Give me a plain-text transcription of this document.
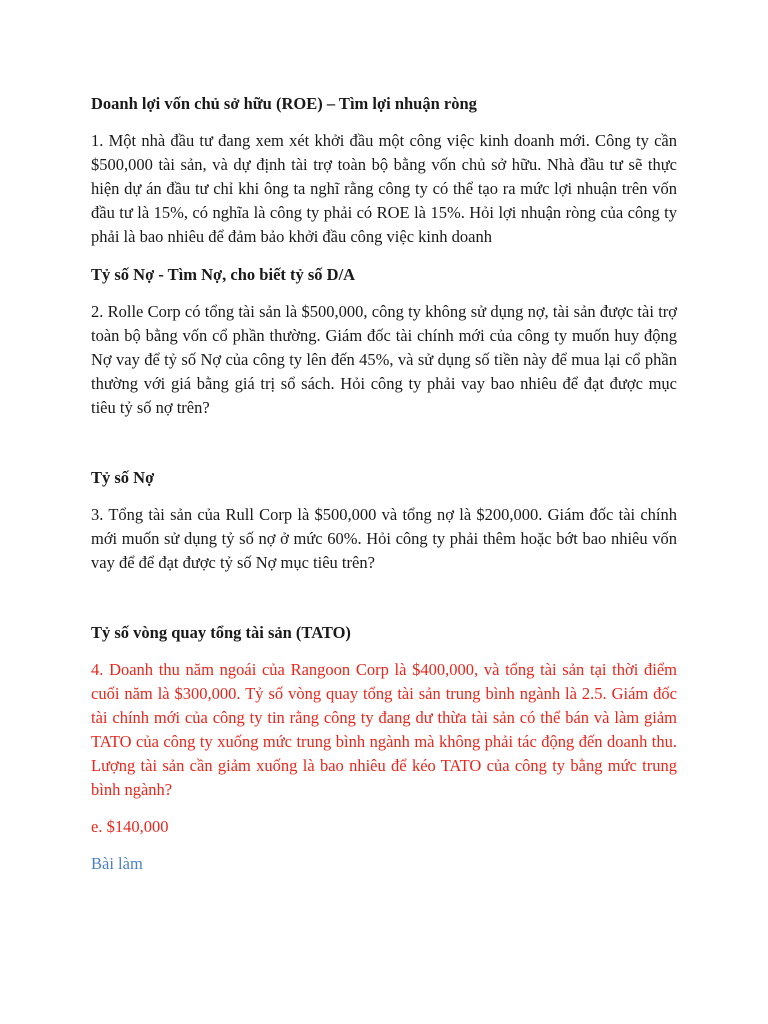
Doanh lợi vốn chủ sở hữu (ROE) – Tìm lợi nhuận ròng

1. Một nhà đầu tư đang xem xét khởi đầu một công việc kinh doanh mới. Công ty cần $500,000 tài sản, và dự định tài trợ toàn bộ bằng vốn chủ sở hữu. Nhà đầu tư sẽ thực hiện dự án đầu tư chỉ khi ông ta nghĩ rằng công ty có thể tạo ra mức lợi nhuận trên vốn đầu tư là 15%, có nghĩa là công ty phải có ROE là 15%. Hỏi lợi nhuận ròng của công ty phải là bao nhiêu để đảm bảo khởi đầu công việc kinh doanh

Tỷ số Nợ - Tìm Nợ, cho biết tỷ số D/A

2. Rolle Corp có tổng tài sản là $500,000, công ty không sử dụng nợ, tài sản được tài trợ toàn bộ bằng vốn cổ phần thường. Giám đốc tài chính mới của công ty muốn huy động Nợ vay để tỷ số Nợ của công ty lên đến 45%, và sử dụng số tiền này để mua lại cổ phần thường với giá bằng giá trị sổ sách. Hỏi công ty phải vay bao nhiêu để đạt được mục tiêu tỷ số nợ trên?

Tỷ số Nợ

3. Tổng tài sản của Rull Corp là $500,000 và tổng nợ là $200,000. Giám đốc tài chính mới muốn sử dụng tỷ số nợ ở mức 60%. Hỏi công ty phải thêm hoặc bớt bao nhiêu vốn vay để để đạt được tỷ số Nợ mục tiêu trên?

Tỷ số vòng quay tổng tài sản (TATO)

4. Doanh thu năm ngoái của Rangoon Corp là $400,000, và tổng tài sản tại thời điểm cuối năm là $300,000. Tỷ số vòng quay tổng tài sản trung bình ngành là 2.5. Giám đốc tài chính mới của công ty tin rằng công ty đang dư thừa tài sản có thể bán và làm giảm TATO của công ty xuống mức trung bình ngành mà không phải tác động đến doanh thu. Lượng tài sản cần giảm xuống là bao nhiêu để kéo TATO của công ty bằng mức trung bình ngành?

e. $140,000

Bài làm
